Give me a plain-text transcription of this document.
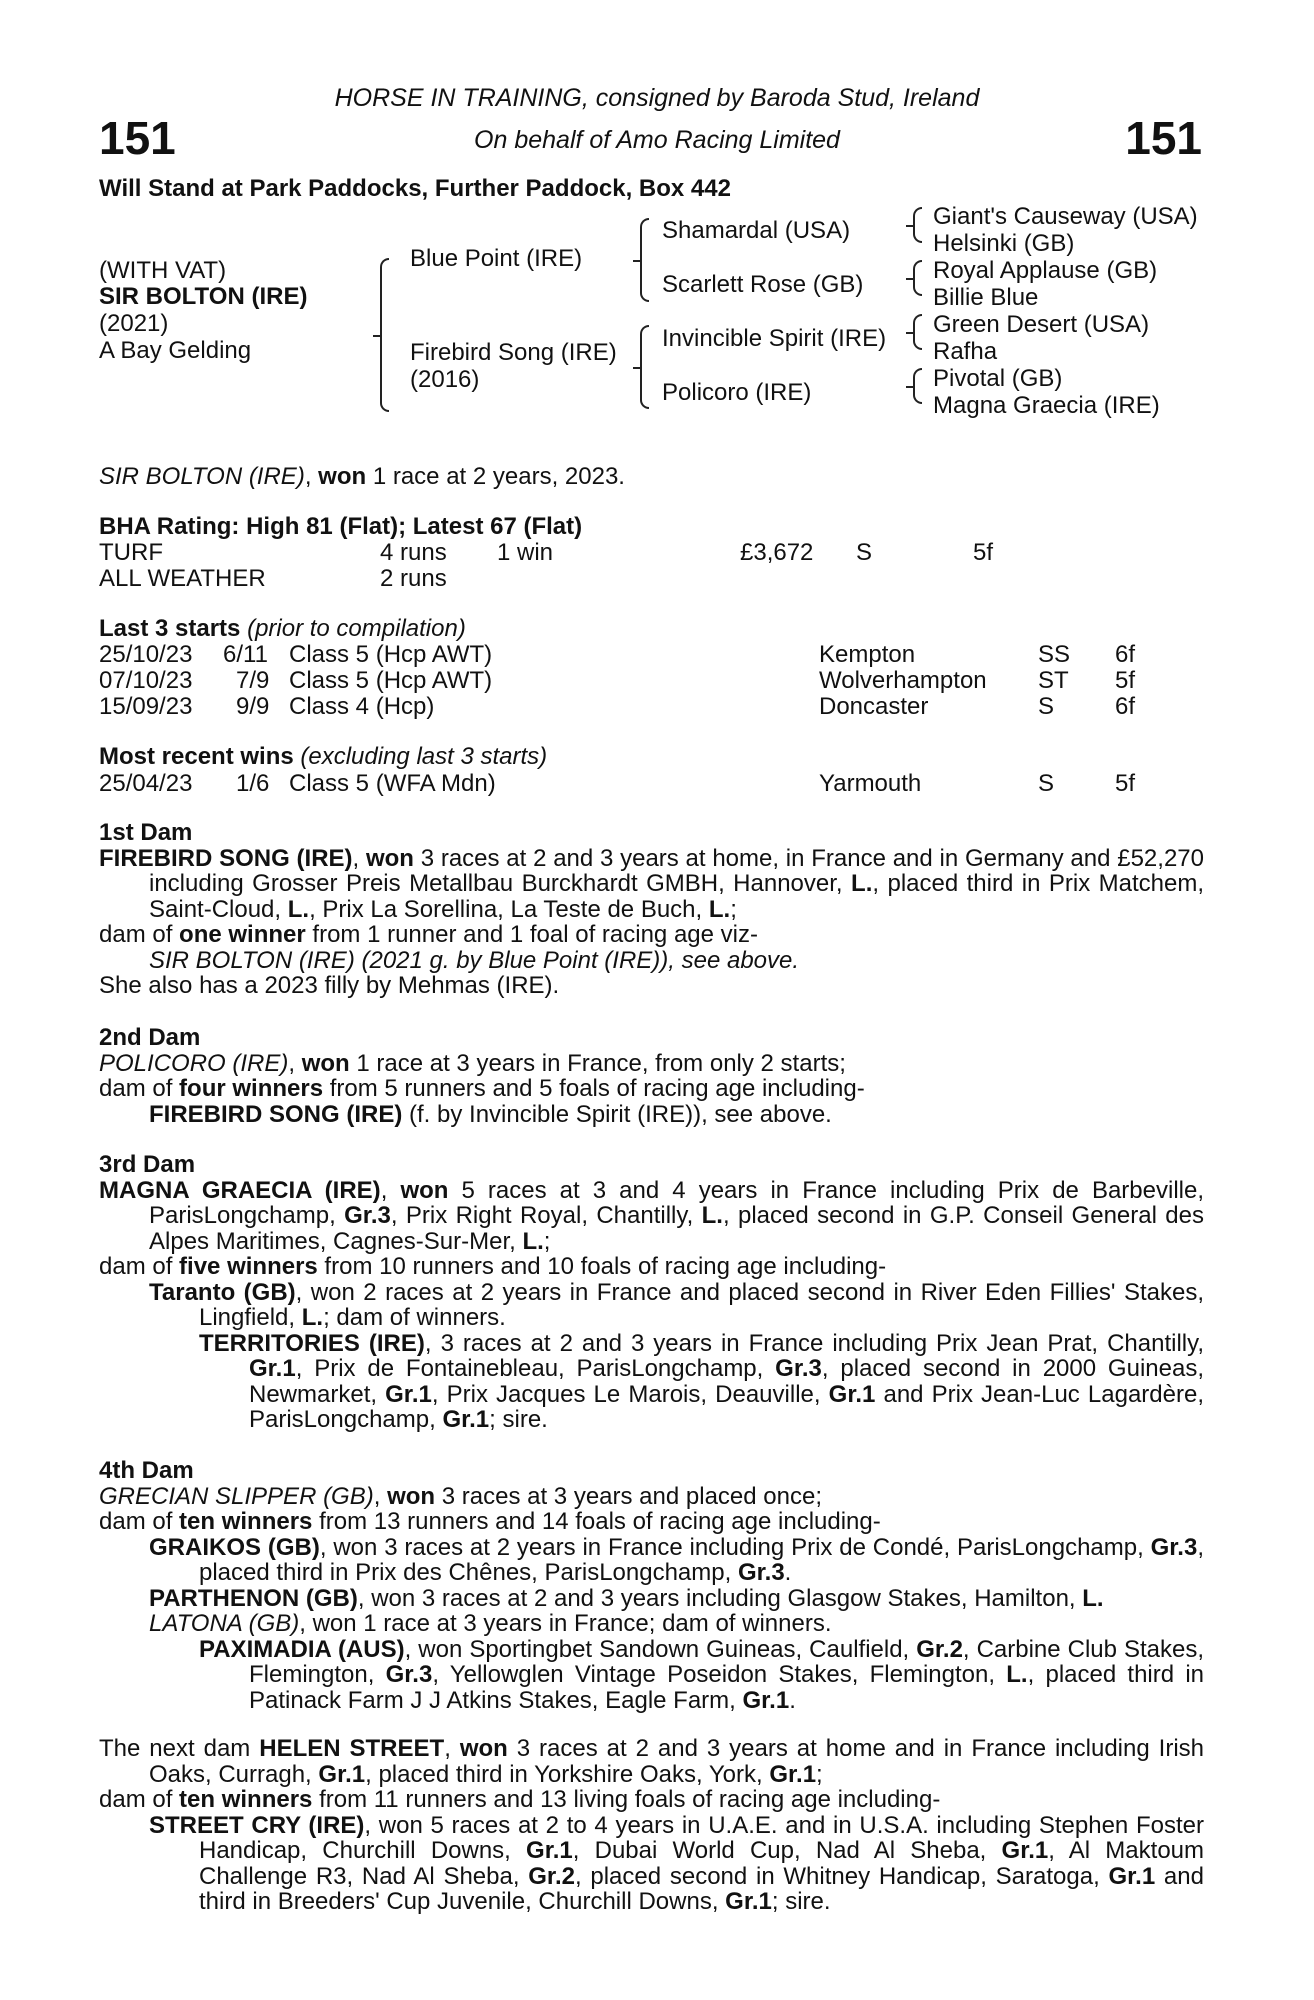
151	151
HORSE IN TRAINING, consigned by Baroda Stud, Ireland
On behalf of Amo Racing Limited
Will Stand at Park Paddocks, Further Paddock, Box 442
(WITH VAT)
SIR BOLTON (IRE)
(2021)
A Bay Gelding
Blue Point (IRE)
Firebird Song (IRE)
(2016)
Shamardal (USA)
Scarlett Rose (GB)
Invincible Spirit (IRE)
Policoro (IRE)
Giant's Causeway (USA)
Helsinki (GB)
Royal Applause (GB)
Billie Blue
Green Desert (USA)
Rafha
Pivotal (GB)
Magna Graecia (IRE)
SIR BOLTON (IRE), won 1 race at 2 years, 2023.
BHA Rating: High 81 (Flat); Latest 67 (Flat)
TURF	4 runs 1 win	£3,672 S	5f
ALL WEATHER	2 runs
Last 3 starts (prior to compilation)
25/10/23 6/11 Class 5 (Hcp AWT)	Kempton	SS 6f
07/10/23 7/9 Class 5 (Hcp AWT)	Wolverhampton ST 5f
15/09/23 9/9 Class 4 (Hcp)	Doncaster	S	6f
Most recent wins (excluding last 3 starts)
25/04/23 1/6 Class 5 (WFA Mdn)	Yarmouth	S	5f

1st Dam

FIREBIRD SONG (IRE), won 3 races at 2 and 3 years at home, in France and in Germany and £52,270 including Grosser Preis Metallbau Burckhardt GMBH, Hannover, L., placed third in Prix Matchem, Saint-Cloud, L., Prix La Sorellina, La Teste de Buch, L.;

dam of one winner from 1 runner and 1 foal of racing age viz-

SIR BOLTON (IRE) (2021 g. by Blue Point (IRE)), see above.

She also has a 2023 filly by Mehmas (IRE).

2nd Dam

POLICORO (IRE), won 1 race at 3 years in France, from only 2 starts;

dam of four winners from 5 runners and 5 foals of racing age including-

FIREBIRD SONG (IRE) (f. by Invincible Spirit (IRE)), see above.

3rd Dam

MAGNA GRAECIA (IRE), won 5 races at 3 and 4 years in France including Prix de Barbeville, ParisLongchamp, Gr.3, Prix Right Royal, Chantilly, L., placed second in G.P. Conseil General des Alpes Maritimes, Cagnes-Sur-Mer, L.;

dam of five winners from 10 runners and 10 foals of racing age including-

Taranto (GB), won 2 races at 2 years in France and placed second in River Eden Fillies' Stakes, Lingfield, L.; dam of winners.

TERRITORIES (IRE), 3 races at 2 and 3 years in France including Prix Jean Prat, Chantilly, Gr.1, Prix de Fontainebleau, ParisLongchamp, Gr.3, placed second in 2000 Guineas, Newmarket, Gr.1, Prix Jacques Le Marois, Deauville, Gr.1 and Prix Jean-Luc Lagardère, ParisLongchamp, Gr.1; sire.

4th Dam

GRECIAN SLIPPER (GB), won 3 races at 3 years and placed once;

dam of ten winners from 13 runners and 14 foals of racing age including-

GRAIKOS (GB), won 3 races at 2 years in France including Prix de Condé, ParisLongchamp, Gr.3, placed third in Prix des Chênes, ParisLongchamp, Gr.3.

PARTHENON (GB), won 3 races at 2 and 3 years including Glasgow Stakes, Hamilton, L.

LATONA (GB), won 1 race at 3 years in France; dam of winners.

PAXIMADIA (AUS), won Sportingbet Sandown Guineas, Caulfield, Gr.2, Carbine Club Stakes, Flemington, Gr.3, Yellowglen Vintage Poseidon Stakes, Flemington, L., placed third in Patinack Farm J J Atkins Stakes, Eagle Farm, Gr.1.

The next dam HELEN STREET, won 3 races at 2 and 3 years at home and in France including Irish Oaks, Curragh, Gr.1, placed third in Yorkshire Oaks, York, Gr.1;

dam of ten winners from 11 runners and 13 living foals of racing age including-

STREET CRY (IRE), won 5 races at 2 to 4 years in U.A.E. and in U.S.A. including Stephen Foster Handicap, Churchill Downs, Gr.1, Dubai World Cup, Nad Al Sheba, Gr.1, Al Maktoum Challenge R3, Nad Al Sheba, Gr.2, placed second in Whitney Handicap, Saratoga, Gr.1 and third in Breeders' Cup Juvenile, Churchill Downs, Gr.1; sire.
